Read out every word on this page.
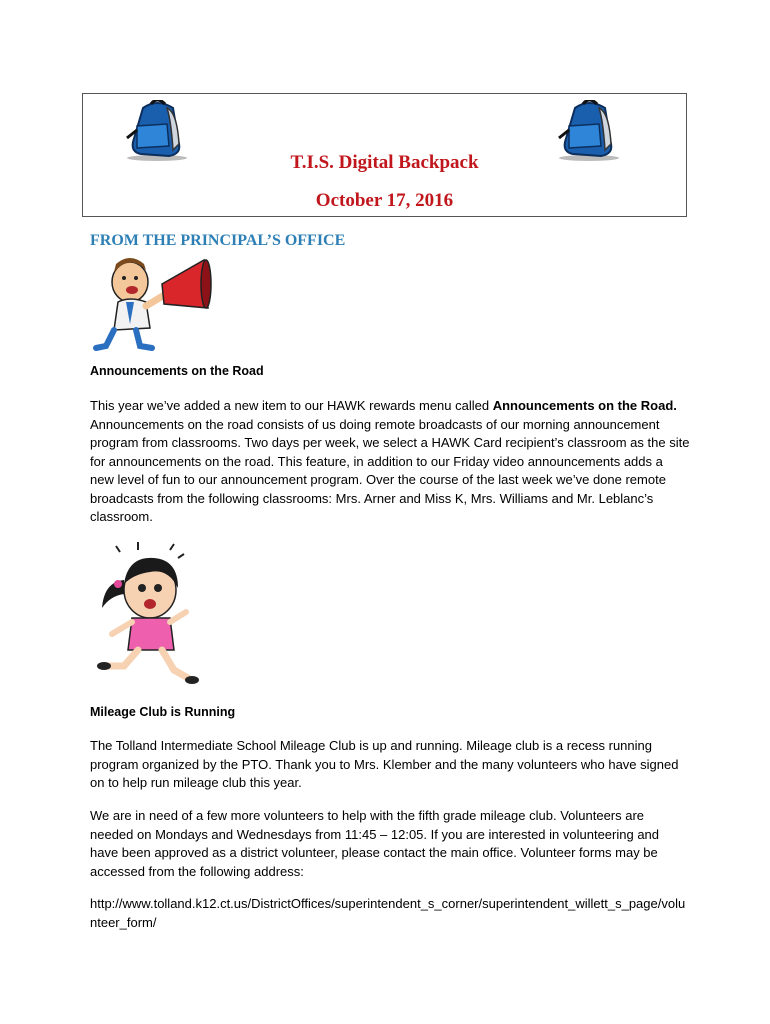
T.I.S. Digital Backpack
October 17, 2016
FROM THE PRINCIPAL’S OFFICE
Announcements on the Road
This year we’ve added a new item to our HAWK rewards menu called Announcements on the Road. Announcements on the road consists of us doing remote broadcasts of our morning announcement program from classrooms. Two days per week, we select a HAWK Card recipient’s classroom as the site for announcements on the road. This feature, in addition to our Friday video announcements adds a new level of fun to our announcement program. Over the course of the last week we’ve done remote broadcasts from the following classrooms: Mrs. Arner and Miss K, Mrs. Williams and Mr. Leblanc’s classroom.
Mileage Club is Running
The Tolland Intermediate School Mileage Club is up and running. Mileage club is a recess running program organized by the PTO. Thank you to Mrs. Klember and the many volunteers who have signed on to help run mileage club this year.
We are in need of a few more volunteers to help with the fifth grade mileage club. Volunteers are needed on Mondays and Wednesdays from 11:45 – 12:05. If you are interested in volunteering and have been approved as a district volunteer, please contact the main office. Volunteer forms may be accessed from the following address:
http://www.tolland.k12.ct.us/DistrictOffices/superintendent_s_corner/superintendent_willett_s_page/volunteer_form/
